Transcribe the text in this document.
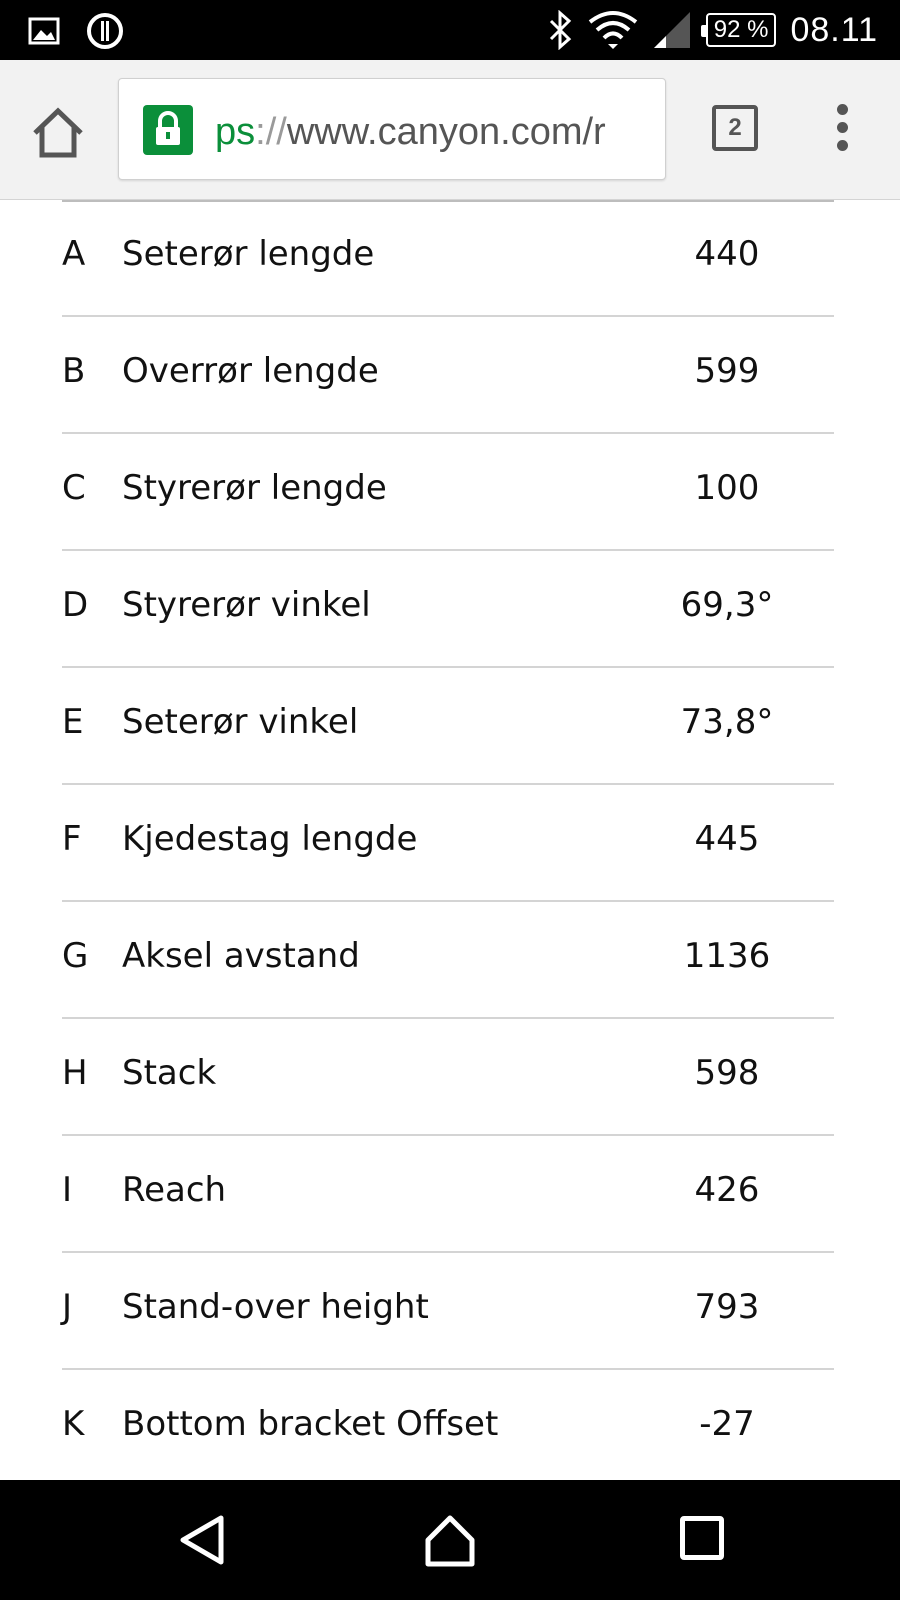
92 % 08.11
ps://www.canyon.com/r	2
A	Seterør lengde	440
B	Overrør lengde	599
C	Styrerør lengde	100
D Styrerør vinkel	69,3°
E	Seterør vinkel	73,8°
F	Kjedestag lengde	445
G Aksel avstand	1136
H	Stack	598
I	Reach	426
J	Stand-over height	793
K	Bottom bracket Offset	-27
